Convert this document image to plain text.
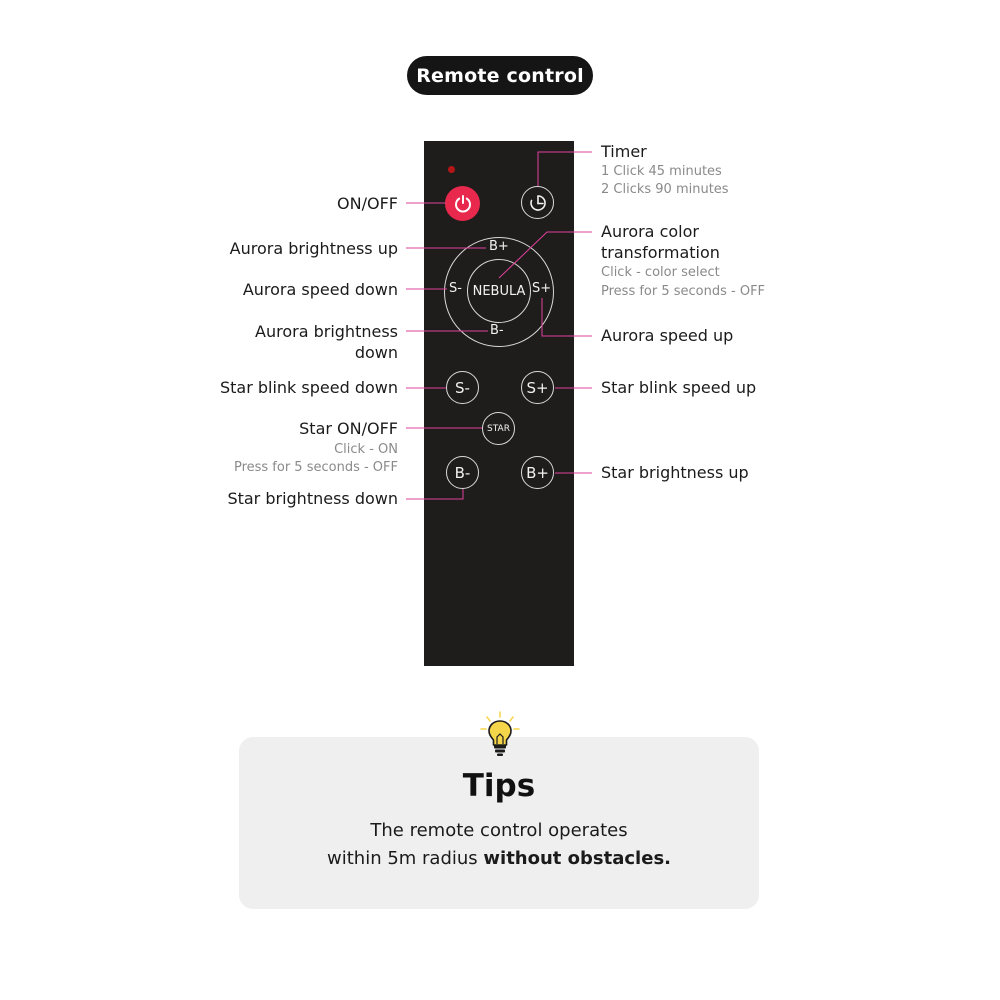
Remote control
NEBULA
B+
B-
S-	S+
S-	S+
STAR
B-	B+
Timer
1 Click 45 minutes
2 Clicks 90 minutes
Aurora color
transformation
Click - color select
Press for 5 seconds - OFF
Aurora speed up
Star blink speed up
Star brightness up
ON/OFF
Aurora brightness up
Aurora speed down
Aurora brightness
down
Star blink speed down
Star ON/OFF
Click - ON
Press for 5 seconds - OFF
Star brightness down
Tips
The remote control operates
within 5m radius without obstacles.
